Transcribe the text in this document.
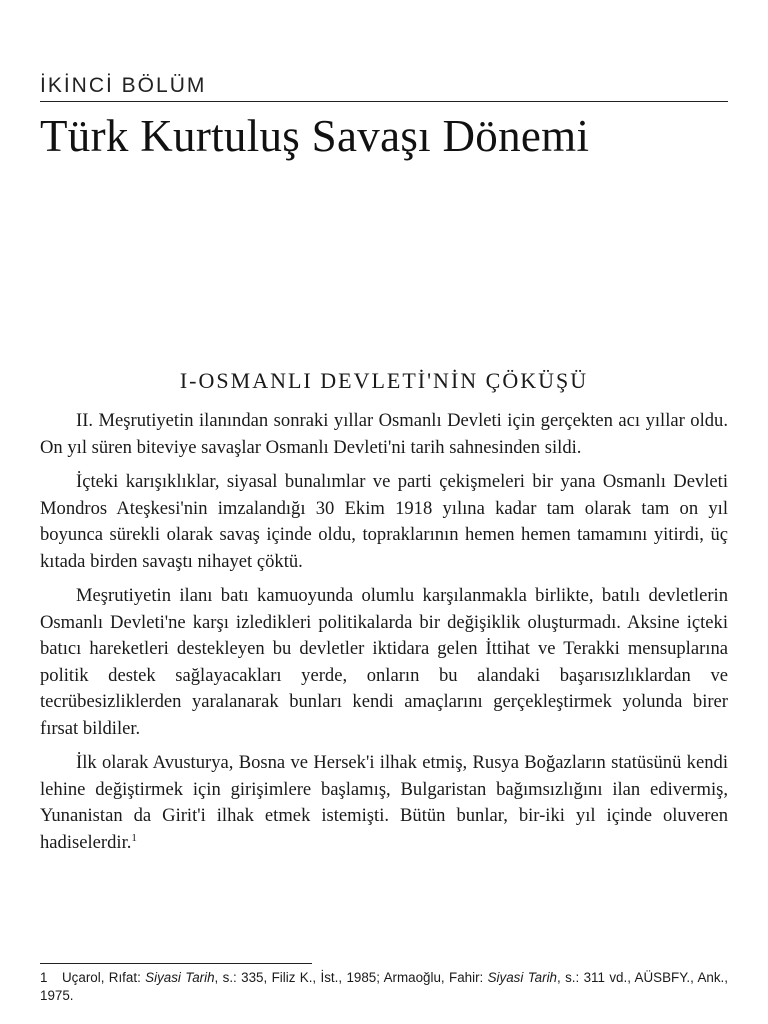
İKİNCİ BÖLÜM
Türk Kurtuluş Savaşı Dönemi
I-OSMANLI DEVLETİ'NİN ÇÖKÜŞÜ

II. Meşrutiyetin ilanından sonraki yıllar Osmanlı Devleti için gerçekten acı yıllar oldu. On yıl süren biteviye savaşlar Osmanlı Devleti'ni tarih sahnesinden sildi.

İçteki karışıklıklar, siyasal bunalımlar ve parti çekişmeleri bir yana Osmanlı Devleti Mondros Ateşkesi'nin imzalandığı 30 Ekim 1918 yılına kadar tam olarak tam on yıl boyunca sürekli olarak savaş içinde oldu, topraklarının hemen hemen tamamını yitirdi, üç kıtada birden savaştı nihayet çöktü.

Meşrutiyetin ilanı batı kamuoyunda olumlu karşılanmakla birlikte, batılı devletlerin Osmanlı Devleti'ne karşı izledikleri politikalarda bir değişiklik oluşturmadı. Aksine içteki batıcı hareketleri destekleyen bu devletler iktidara gelen İttihat ve Terakki mensuplarına politik destek sağlayacakları yerde, onların bu alandaki başarısızlıklardan ve tecrübesizliklerden yaralanarak bunları kendi amaçlarını gerçekleştirmek yolunda birer fırsat bildiler.

İlk olarak Avusturya, Bosna ve Hersek'i ilhak etmiş, Rusya Boğazların statüsünü kendi lehine değiştirmek için girişimlere başlamış, Bulgaristan bağımsızlığını ilan edivermiş, Yunanistan da Girit'i ilhak etmek istemişti. Bütün bunlar, bir-iki yıl içinde oluveren hadiselerdir.$^1$

1 Uçarol, Rıfat: Siyasi Tarih, s.: 335, Filiz K., İst., 1985; Armaoğlu, Fahir: Siyasi Tarih, s.: 311 vd., AÜSBFY., Ank., 1975.
